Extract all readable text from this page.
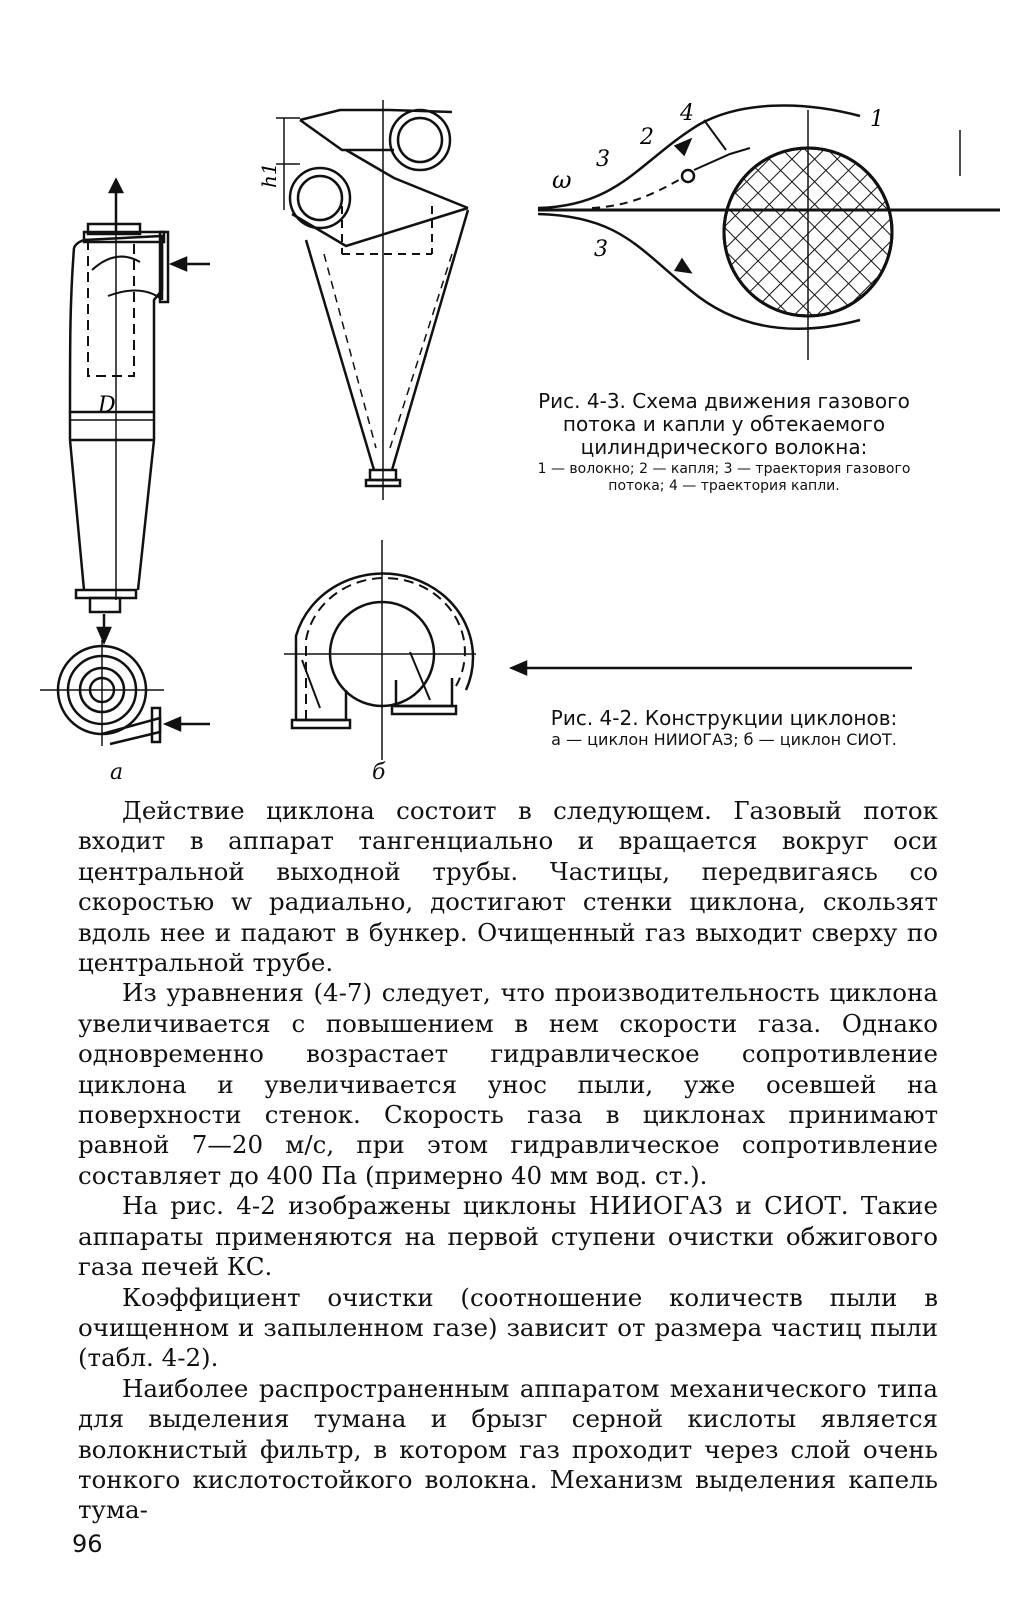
D
h1	ω
1
2
3
3
4
Рис. 4-3. Схема движения газового потока и капли у обтекаемого цилиндрического волокна:
1 — волокно; 2 — капля; 3 — траектория газового потока; 4 — траектория капли.
Рис. 4-2. Конструкции циклонов:
а — циклон НИИОГАЗ; б — циклон СИОТ.
а	б

Действие циклона состоит в следующем. Газовый поток входит в аппарат тангенциально и вращается вокруг оси центральной выходной трубы. Частицы, передвигаясь со скоростью w радиально, достигают стенки циклона, скользят вдоль нее и падают в бункер. Очищенный газ выходит сверху по центральной трубе.

Из уравнения (4-7) следует, что производительность циклона увеличивается с повышением в нем скорости газа. Однако одновременно возрастает гидравлическое сопротивление циклона и увеличивается унос пыли, уже осевшей на поверхности стенок. Скорость газа в циклонах принимают равной 7—20 м/с, при этом гидравлическое сопротивление составляет до 400 Па (примерно 40 мм вод. ст.).

На рис. 4-2 изображены циклоны НИИОГАЗ и СИОТ. Такие аппараты применяются на первой ступени очистки обжигового газа печей КС.

Коэффициент очистки (соотношение количеств пыли в очищенном и запыленном газе) зависит от размера частиц пыли (табл. 4-2).

Наиболее распространенным аппаратом механического типа для выделения тумана и брызг серной кислоты является волокнистый фильтр, в котором газ проходит через слой очень тонкого кислотостойкого волокна. Механизм выделения капель тума-

96
